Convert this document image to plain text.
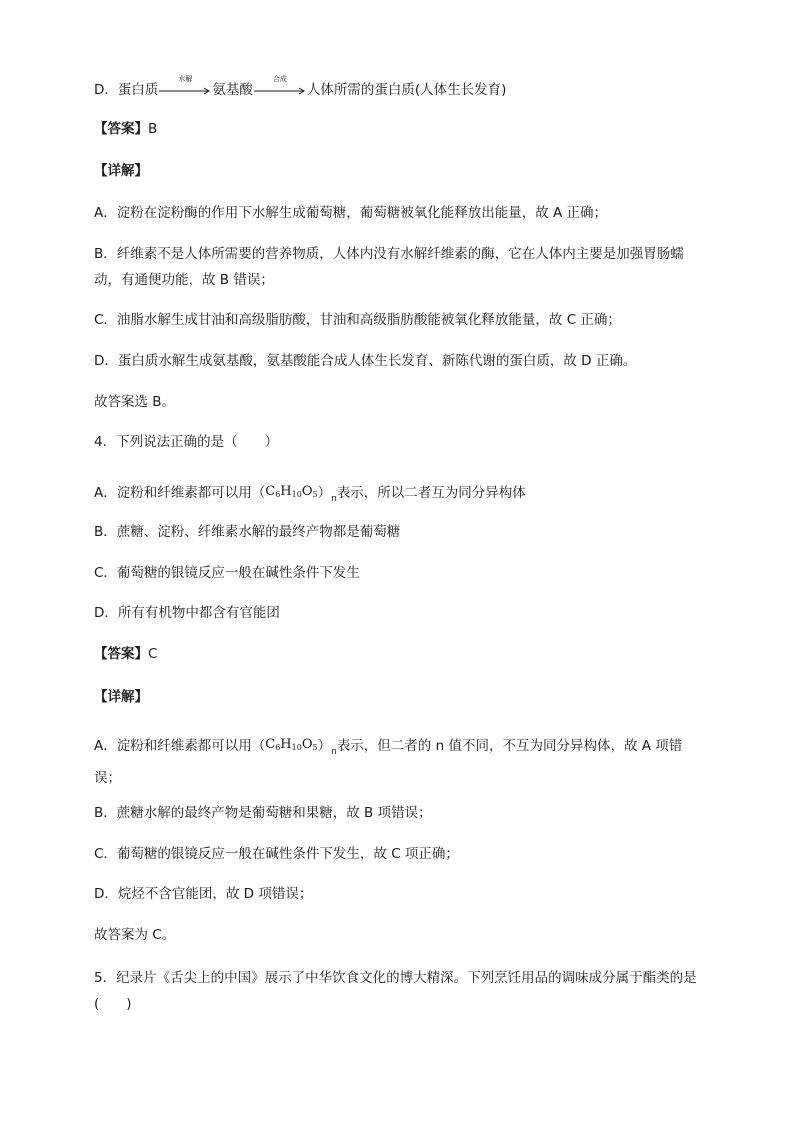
D．蛋白质
水解
氨基酸
合成
人体所需的蛋白质(人体生长发育)
【答案】B
【详解】
A．淀粉在淀粉酶的作用下水解生成葡萄糖，葡萄糖被氧化能释放出能量，故 A 正确；
B．纤维素不是人体所需要的营养物质，人体内没有水解纤维素的酶，它在人体内主要是加强胃肠蠕动，有通便功能，故 B 错误；
C．油脂水解生成甘油和高级脂肪酸，甘油和高级脂肪酸能被氧化释放能量，故 C 正确；
D．蛋白质水解生成氨基酸，氨基酸能合成人体生长发育、新陈代谢的蛋白质，故 D 正确。
故答案选 B。
4．下列说法正确的是（　　）
A．淀粉和纤维素都可以用$(C_6H_{10}O_5)_n$表示，所以二者互为同分异构体
B．蔗糖、淀粉、纤维素水解的最终产物都是葡萄糖
C．葡萄糖的银镜反应一般在碱性条件下发生
D．所有有机物中都含有官能团
【答案】C
【详解】
A．淀粉和纤维素都可以用$(C_6H_{10}O_5)_n$表示，但二者的 n 值不同，不互为同分异构体，故 A 项错误；
B．蔗糖水解的最终产物是葡萄糖和果糖，故 B 项错误；
C．葡萄糖的银镜反应一般在碱性条件下发生，故 C 项正确；
D．烷烃不含官能团，故 D 项错误；
故答案为 C。
5．纪录片《舌尖上的中国》展示了中华饮食文化的博大精深。下列烹饪用品的调味成分属于酯类的是(　　)
